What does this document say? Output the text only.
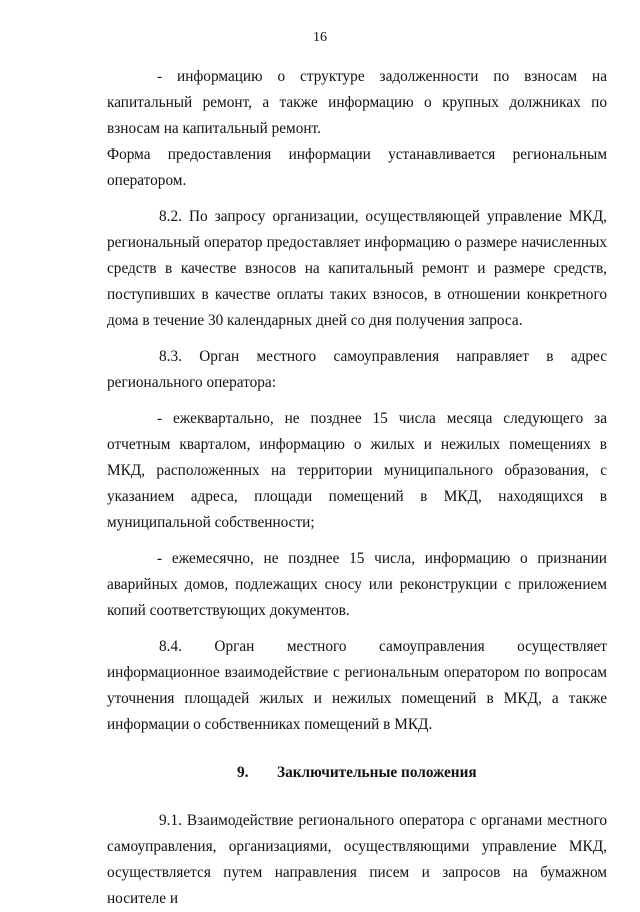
16

- информацию о структуре задолженности по взносам на капитальный ремонт, а также информацию о крупных должниках по взносам на капитальный ремонт.

Форма предоставления информации устанавливается региональным оператором.

8.2. По запросу организации, осуществляющей управление МКД, региональный оператор предоставляет информацию о размере начисленных средств в качестве взносов на капитальный ремонт и размере средств, поступивших в качестве оплаты таких взносов, в отношении конкретного дома в течение 30 календарных дней со дня получения запроса.

8.3. Орган местного самоуправления направляет в адрес регионального оператора:

- ежеквартально, не позднее 15 числа месяца следующего за отчетным кварталом, информацию о жилых и нежилых помещениях в МКД, расположенных на территории муниципального образования, с указанием адреса, площади помещений в МКД, находящихся в муниципальной собственности;

- ежемесячно, не позднее 15 числа, информацию о признании аварийных домов, подлежащих сносу или реконструкции с приложением копий соответствующих документов.

8.4. Орган местного самоуправления осуществляет информационное взаимодействие с региональным оператором по вопросам уточнения площадей жилых и нежилых помещений в МКД, а также информации о собственниках помещений в МКД.

9. Заключительные положения

9.1. Взаимодействие регионального оператора с органами местного самоуправления, организациями, осуществляющими управление МКД, осуществляется путем направления писем и запросов на бумажном носителе и
